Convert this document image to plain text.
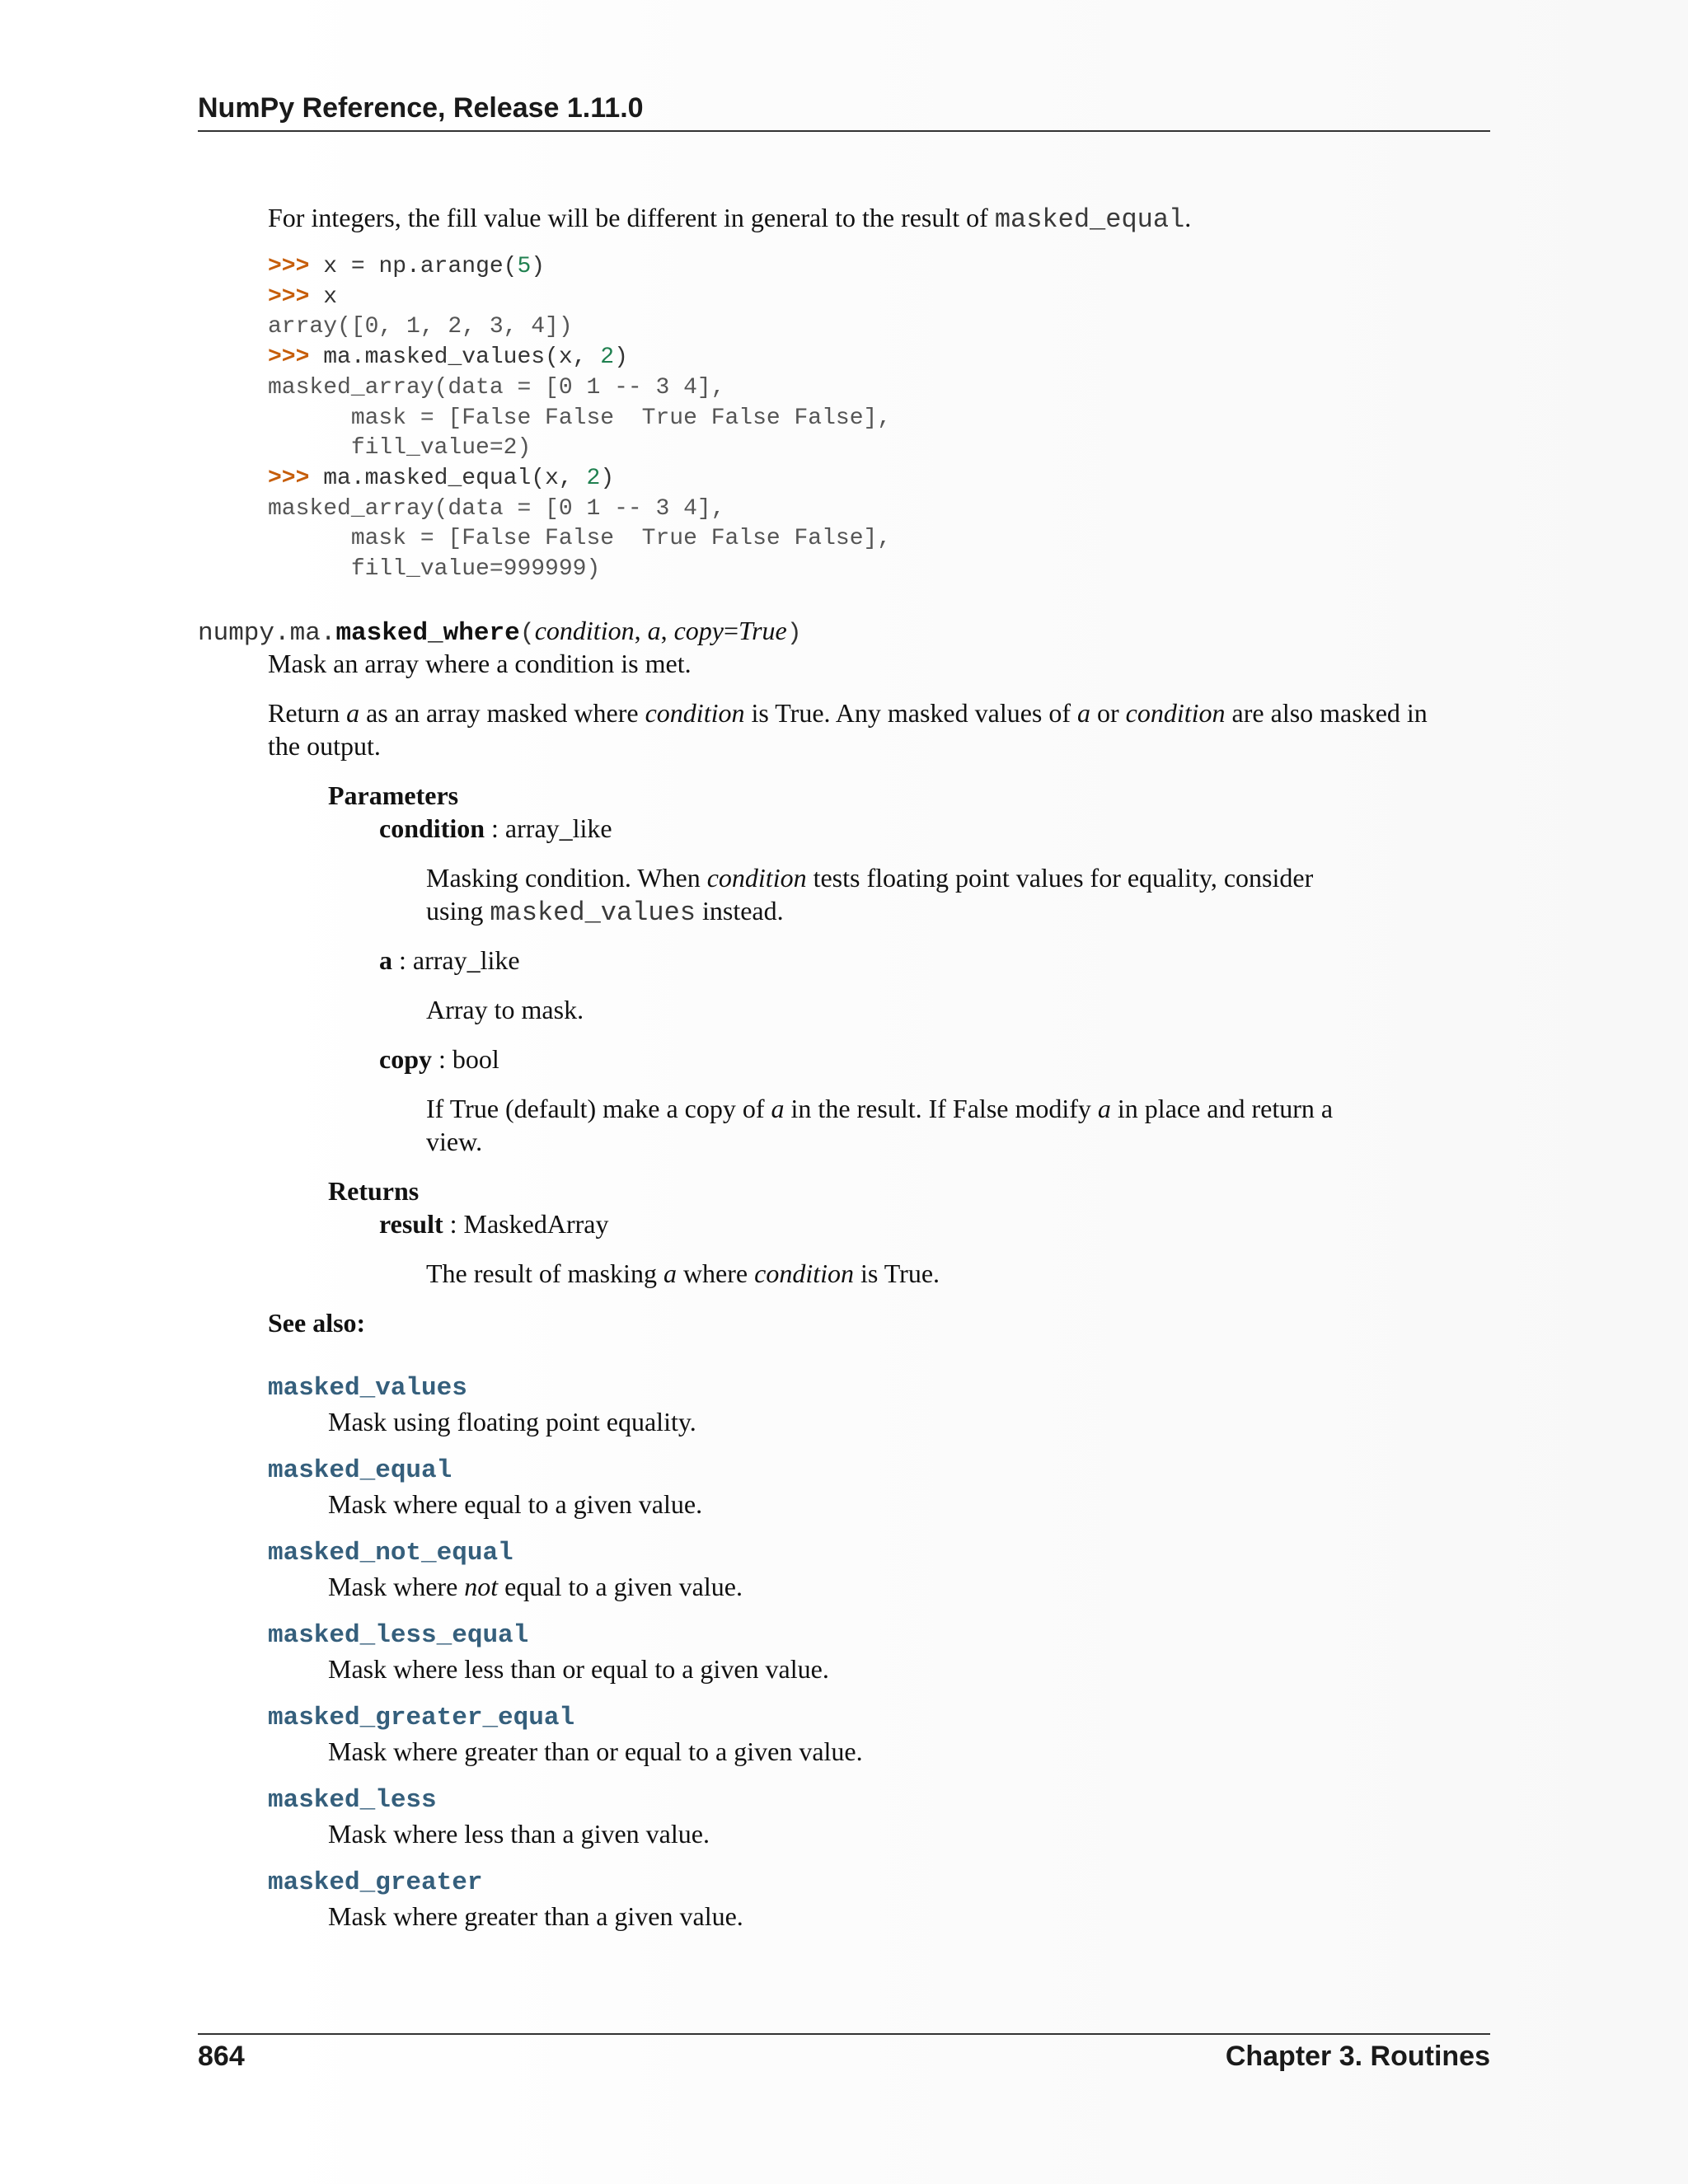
NumPy Reference, Release 1.11.0
For integers, the fill value will be different in general to the result of masked_equal.
>>> x = np.arange(5)
>>> x
array([0, 1, 2, 3, 4])
>>> ma.masked_values(x, 2)
masked_array(data = [0 1 -- 3 4],
mask = [False False  True False False],
fill_value=2)
>>> ma.masked_equal(x, 2)
masked_array(data = [0 1 -- 3 4],
mask = [False False  True False False],
fill_value=999999)
numpy.ma.masked_where(condition, a, copy=True)
Mask an array where a condition is met.
Return a as an array masked where condition is True. Any masked values of a or condition are also masked in
the output.
Parameters
condition : array_like
Masking condition. When condition tests floating point values for equality, consider
using masked_values instead.
a : array_like
Array to mask.
copy : bool
If True (default) make a copy of a in the result. If False modify a in place and return a
view.
Returns
result : MaskedArray
The result of masking a where condition is True.
See also:
masked_values
Mask using floating point equality.
masked_equal
Mask where equal to a given value.
masked_not_equal
Mask where not equal to a given value.
masked_less_equal
Mask where less than or equal to a given value.
masked_greater_equal
Mask where greater than or equal to a given value.
masked_less
Mask where less than a given value.
masked_greater
Mask where greater than a given value.
864	Chapter 3. Routines
